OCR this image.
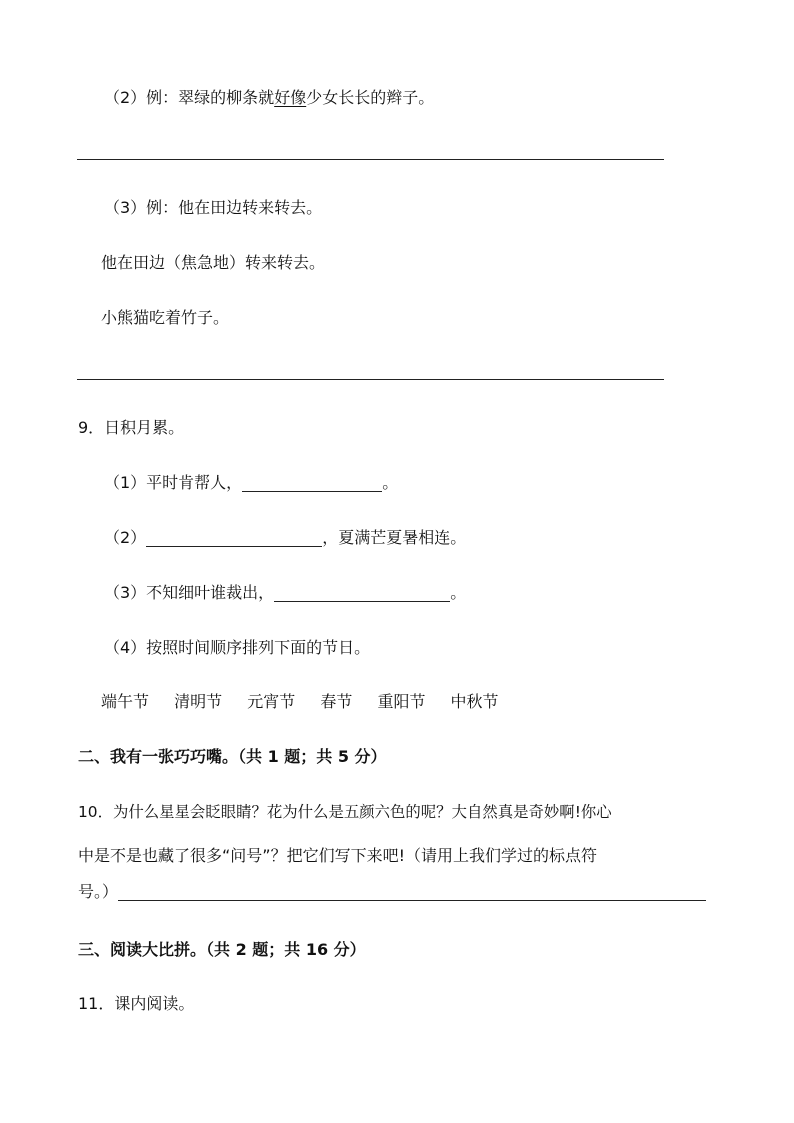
（2）例：翠绿的柳条就好像少女长长的辫子。
（3）例：他在田边转来转去。
他在田边（焦急地）转来转去。
小熊猫吃着竹子。
9．日积月累。
（1）平时肯帮人，	。
（2）	，夏满芒夏暑相连。
（3）不知细叶谁裁出，	。
（4）按照时间顺序排列下面的节日。
端午节 清明节 元宵节 春节 重阳节 中秋节
二、我有一张巧巧嘴。（共 1 题；共 5 分）
10．为什么星星会眨眼睛？花为什么是五颜六色的呢？大自然真是奇妙啊!你心
中是不是也藏了很多“问号”？把它们写下来吧!（请用上我们学过的标点符
号。）
三、阅读大比拼。（共 2 题；共 16 分）
11．课内阅读。
